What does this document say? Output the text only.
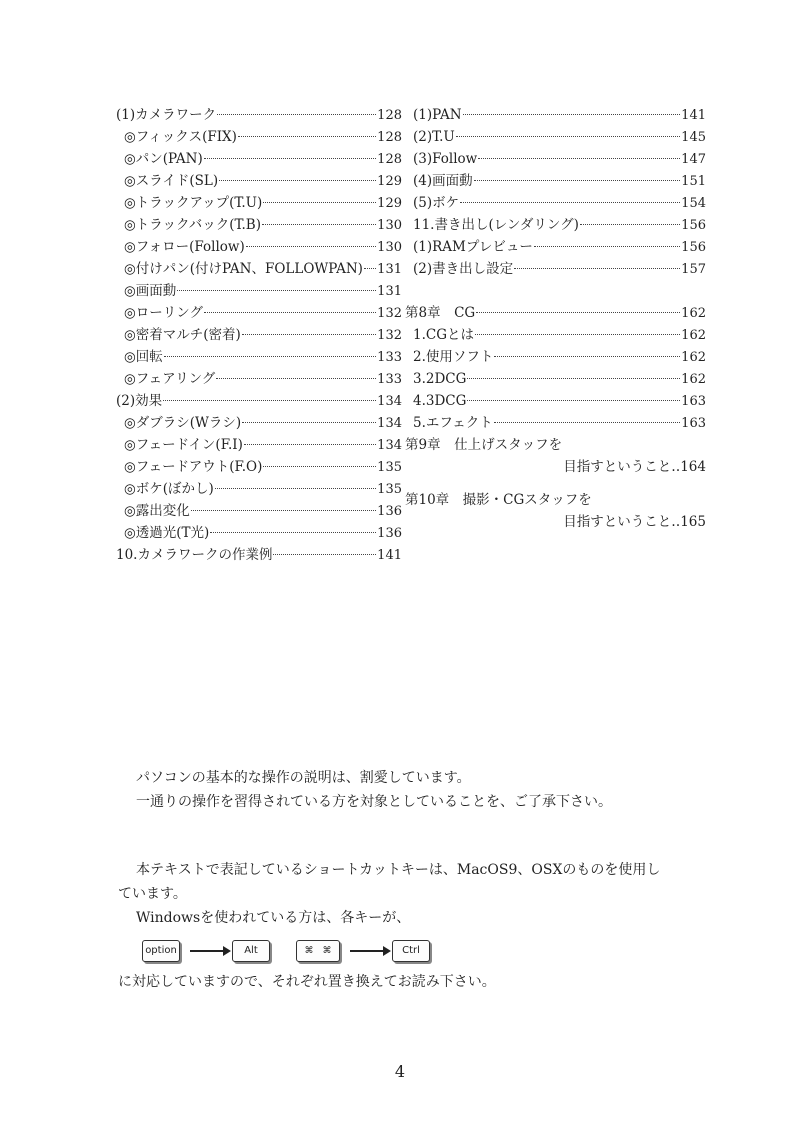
(1)カメラワーク	128
◎フィックス(FIX)	128
◎パン(PAN)	128
◎スライド(SL)	129
◎トラックアップ(T.U)	129
◎トラックバック(T.B)	130
◎フォロー(Follow)	130
◎付けパン(付けPAN、FOLLOWPAN) 131
◎画面動	131
◎ローリング	132
◎密着マルチ(密着)	132
◎回転	133
◎フェアリング	133
(2)効果	134
◎ダブラシ(Wラシ)	134
◎フェードイン(F.I)	134
◎フェードアウト(F.O)	135
◎ボケ(ぼかし)	135
◎露出変化	136
◎透過光(T光)	136
10.カメラワークの作業例	141
(1)PAN	141
(2)T.U	145
(3)Follow	147
(4)画面動	151
(5)ボケ	154
11.書き出し(レンダリング)	156
(1)RAMプレビュー	156
(2)書き出し設定	157
第8章　CG	162
1.CGとは	162
2.使用ソフト	162
3.2DCG	162
4.3DCG	163
5.エフェクト	163
第9章　仕上げスタッフを
目指すということ‥164
第10章　撮影・CGスタッフを
目指すということ‥165

パソコンの基本的な操作の説明は、割愛しています。

一通りの操作を習得されている方を対象としていることを、ご了承下さい。

本テキストで表記しているショートカットキーは、MacOS9、OSXのものを使用し

ています。

Windowsを使われている方は、各キーが、

option	Alt	⌘ ⌘	Ctrl

に対応していますので、それぞれ置き換えてお読み下さい。

4
